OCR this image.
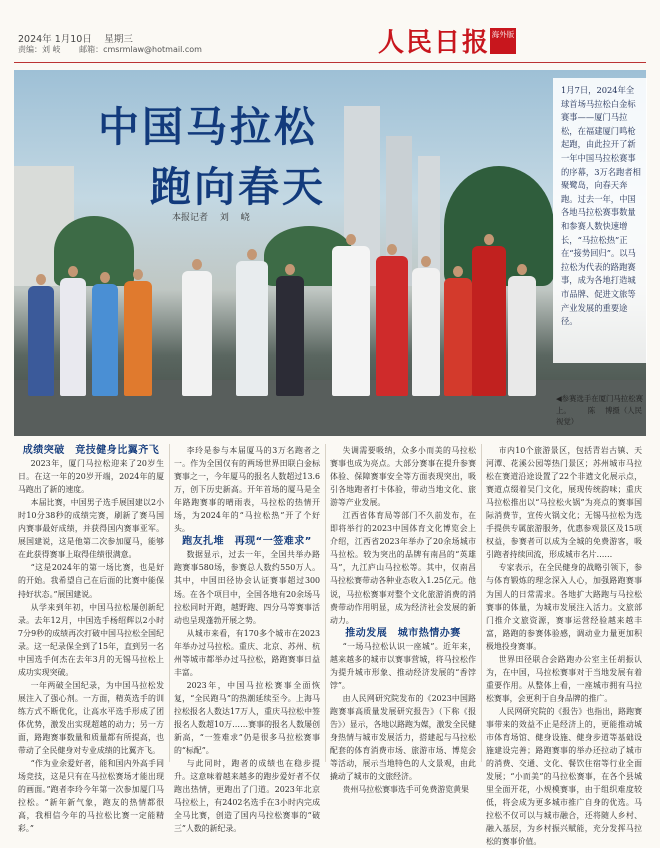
2024年 1月10日 　星期三
责编：刘 岐 　　邮箱：cmsrmlaw@hotmail.com	人民日报 海外版
中国马拉松
跑向春天
本报记者 　刘 　峣
1月7日，2024年全球首场马拉松白金标赛事——厦门马拉松，在福建厦门鸣枪起跑，由此拉开了新一年中国马拉松赛事的序幕，3万名跑者相聚鹭岛，向春天奔跑。过去一年，中国各地马拉松赛事数量和参赛人数快速增长，“马拉松热”正在“接势回归”。以马拉松为代表的路跑赛事，成为各地打造城市品牌、促进文旅等产业发展的重要途径。
◀参赛选手在厦门马拉松赛上。 　　陈 　博摄（人民视觉）

成绩突破　竞技健身比翼齐飞

2023年，厦门马拉松迎来了20岁生日。在这一年的20岁开端，2024年的厦马跑出了新的速度。

本届比赛，中国男子选手展国建以2小时10分38秒的成绩完赛，刷新了赛马国内赛事最好成绩，并获得国内赛事亚军。展国建说，这是他第二次参加厦马，能够在此获得赛事上取得佳绩很满意。

“这是2024年的第一场比赛，也是好的开始。我希望自己在后面的比赛中能保持好状态。”展国建说。

从学来到年初，中国马拉松屡创新纪录。去年12月，中国选手杨绍辉以2小时7分9秒的成绩再次打破中国马拉松全国纪录。这一纪录保全到了15年，直到另一名中国选手何杰在去年3月的无锡马拉松上成功实现突破。

一年两破全国纪录，为中国马拉松发展注入了强心剂。一方面，精英选手的训练方式不断优化，让高水平选手形成了团体优势，激发出实现超越的动力；另一方面，路跑赛事数量和质量都有所提高，也带动了全民健身对专业成绩的比翼齐飞。

“作为业余爱好者，能和国内外高手同场竞技，这是只有在马拉松赛场才能出现的画面。”跑者李玲今年第一次参加厦门马拉松。“新年新气象，跑友的热情都很高，我相信今年的马拉松比赛一定能精彩。”

李玲是参与本届厦马的3万名跑者之一。作为全国仅有的两场世界田联白金标赛事之一，今年厦马的报名人数超过13.6万，创下历史新高。开年首场的厦马是全年路跑赛事的晴雨表，马拉松的热情开场，为2024年的“马拉松热”开了个好头。

跑友扎堆　再现“一签难求”

数据显示，过去一年，全国共举办路跑赛事580场，参赛总人数约550万人。其中，中国田径协会认证赛事超过300场。在各个项目中，全国各地有20余场马拉松同时开跑，越野跑、四分马等赛事活动也呈现蓬勃开展之势。

从城市来看，有170多个城市在2023年举办过马拉松。重庆、北京、苏州、杭州等城市都举办过马拉松，路跑赛事日益丰富。

2023年，中国马拉松赛事全面恢复，“全民跑马”的热潮延续至今。上海马拉松报名人数达17万人，重庆马拉松中签报名人数超10万……赛事的报名人数屡创新高，“一签难求”仍是很多马拉松赛事的“标配”。

与此同时，跑者的成绩也在稳步提升。这意味着越来越多的跑步爱好者不仅跑出热情，更跑出了门道。2023年北京马拉松上，有2402名选手在3小时内完成全马比赛，创造了国内马拉松赛事的“破三”人数的新纪录。

失调需要吸纳，众多小而美的马拉松赛事也成为亮点。大部分赛事在提升参赛体验、保障赛事安全等方面表现突出，吸引各地跑者打卡体验，带动当地文化、旅游等产业发展。

江西省体育局等部门不久前发布，在即将举行的2023中国体育文化博览会上介绍，江西省2023年举办了20余场城市马拉松。较为突出的品牌有南昌的“英雄马”，九江庐山马拉松等。其中，仅南昌马拉松赛带动各种业态收入1.25亿元。他说，马拉松赛事对整个文化旅游消费的消费带动作用明显，成为经济社会发展的新动力。

推动发展　城市热情办赛

“一场马拉松认识一座城”。近年来，越来越多的城市以赛事营城，将马拉松作为提升城市形象、推动经济发展的“香饽饽”。

由人民网研究院发布的《2023中国路跑赛事高质量发展研究报告》（下称《报告》）显示，各地以路跑为媒，激发全民健身热情与城市发展活力，搭建起与马拉松配套的体育消费市场、旅游市场、博览会等活动，展示当地特色的人文景观，由此撬动了城市的文旅经济。

贵州马拉松赛事选手可免费游览黄果

市内10个旅游景区，包括青岩古镇、天河潭、花溪公园等热门景区；苏州城市马拉松在赛道沿途设置了22个非遗文化展示点，赛道点缀着吴门文化，展现传统韵味；重庆马拉松推出以“马拉松火锅”为亮点的赛事国际消费节，宣传火锅文化；无锡马拉松为选手提供专属旅游服务，优惠参观景区及15项权益，参赛者可以成为全城的免费游客，吸引跑者持续回流，形成城市名片……

专家表示，在全民健身的战略引领下，参与体育锻炼的理念深入人心，加强路跑赛事为国人的日常需求。各地扩大路跑与马拉松赛事的体量，为城市发展注入活力。文旅部门推介文旅资源，赛事运营经验越来越丰富，路跑的参赛体验感，调动业力量更加积极地投身赛事。

世界田径联合会路跑办公室主任胡振认为，在中国，马拉松赛事对于当地发展有着重要作用。从整体上看，一座城市拥有马拉松赛事，会更利于自身品牌的推广。

人民网研究院的《报告》也指出，路跑赛事带来的效益不止是经济上的，更能推动城市体育场馆、健身设施、健身步道等基础设施建设完善；路跑赛事的举办还拉动了城市的消费、交通、文化、餐饮住宿等行业全面发展；“小而美”的马拉松赛事，在各个县城里全面开花，小规模赛事，由于组织难度较低，将会成为更多城市推广自身的优选。马拉松不仅可以与城市融合，还将随人乡村、融入基层，为乡村振兴赋能，充分发挥马拉松的赛事价值。
